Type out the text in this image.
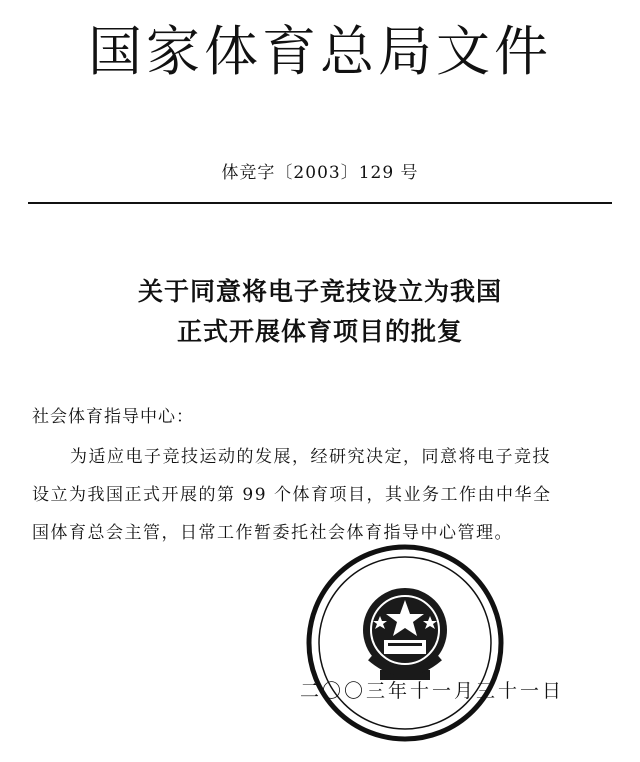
国家体育总局文件
体竞字〔2003〕129 号
关于同意将电子竞技设立为我国
正式开展体育项目的批复
社会体育指导中心：
为适应电子竞技运动的发展，经研究决定，同意将电子竞技
设立为我国正式开展的第 99 个体育项目，其业务工作由中华全
国体育总会主管，日常工作暂委托社会体育指导中心管理。
二〇〇三年十一月三十一日
